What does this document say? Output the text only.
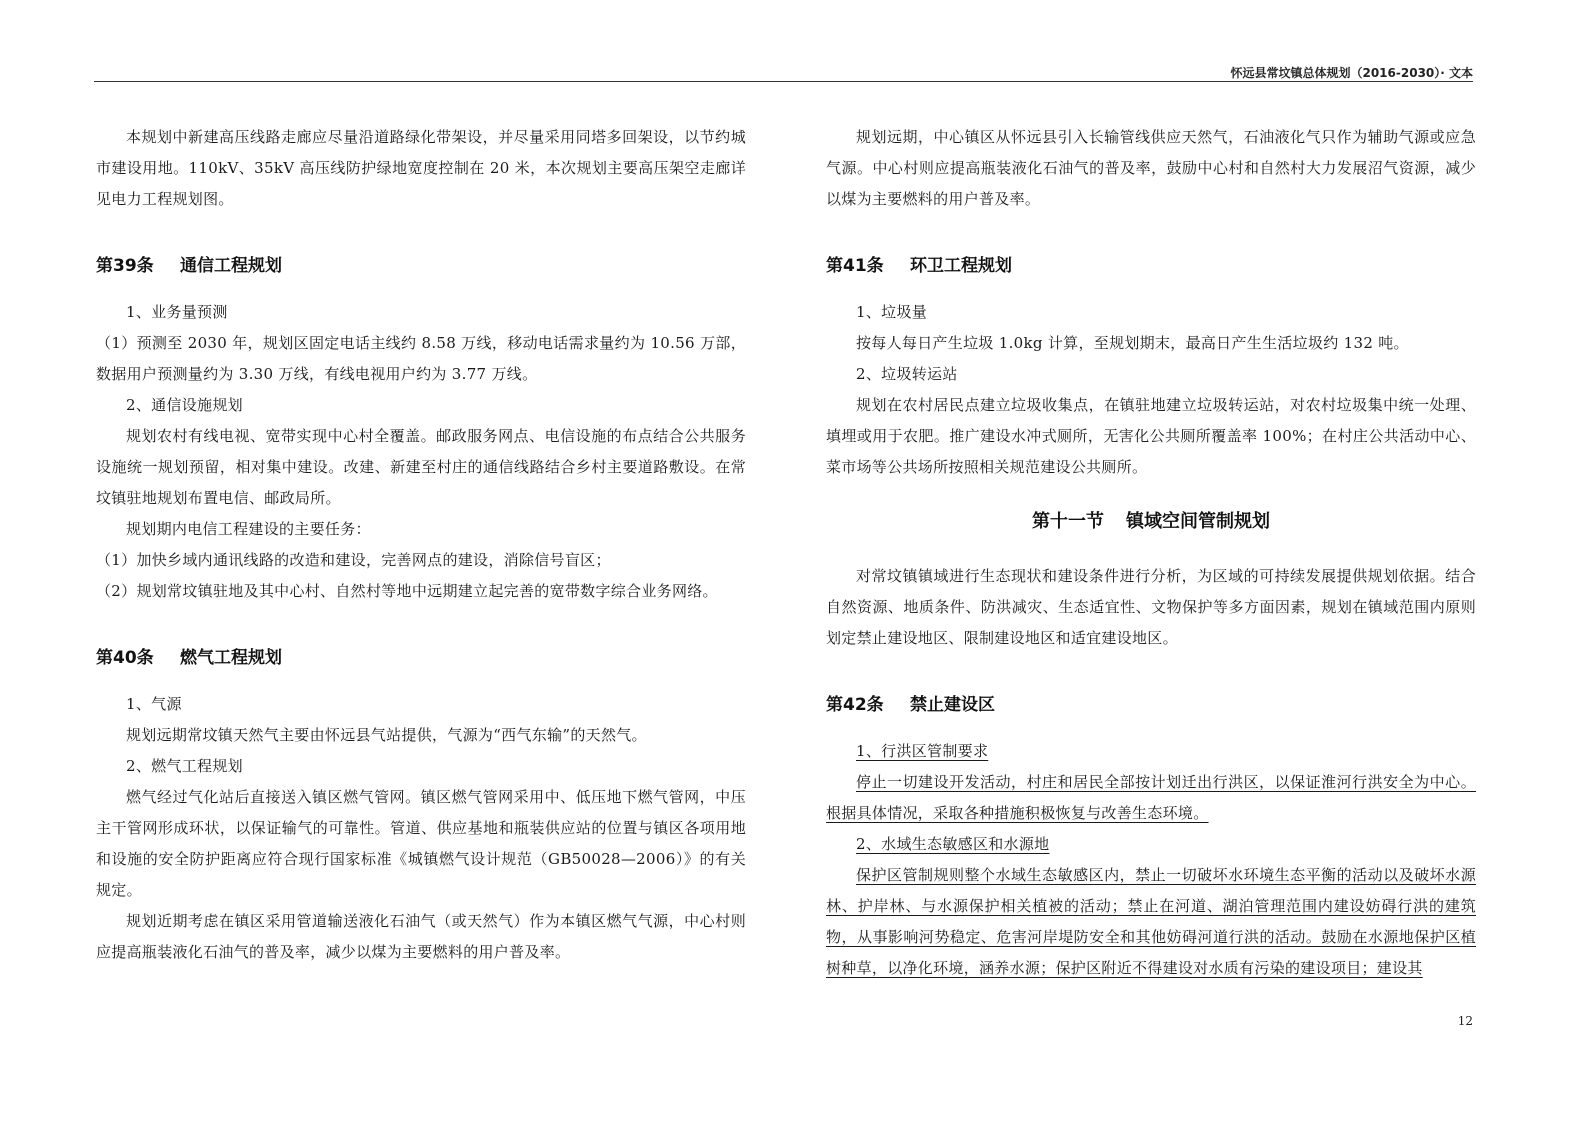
怀远县常坟镇总体规划（2016-2030）· 文本

本规划中新建高压线路走廊应尽量沿道路绿化带架设，并尽量采用同塔多回架设，以节约城市建设用地。110kV、35kV 高压线防护绿地宽度控制在 20 米，本次规划主要高压架空走廊详见电力工程规划图。

第39条 通信工程规划

1、业务量预测

（1）预测至 2030 年，规划区固定电话主线约 8.58 万线，移动电话需求量约为 10.56 万部，数据用户预测量约为 3.30 万线，有线电视用户约为 3.77 万线。

2、通信设施规划

规划农村有线电视、宽带实现中心村全覆盖。邮政服务网点、电信设施的布点结合公共服务设施统一规划预留，相对集中建设。改建、新建至村庄的通信线路结合乡村主要道路敷设。在常坟镇驻地规划布置电信、邮政局所。

规划期内电信工程建设的主要任务：

（1）加快乡域内通讯线路的改造和建设，完善网点的建设，消除信号盲区；

（2）规划常坟镇驻地及其中心村、自然村等地中远期建立起完善的宽带数字综合业务网络。

第40条 燃气工程规划

1、气源

规划远期常坟镇天然气主要由怀远县气站提供，气源为“西气东输”的天然气。

2、燃气工程规划

燃气经过气化站后直接送入镇区燃气管网。镇区燃气管网采用中、低压地下燃气管网，中压主干管网形成环状，以保证输气的可靠性。管道、供应基地和瓶装供应站的位置与镇区各项用地和设施的安全防护距离应符合现行国家标准《城镇燃气设计规范（GB50028—2006）》的有关规定。

规划近期考虑在镇区采用管道输送液化石油气（或天然气）作为本镇区燃气气源，中心村则应提高瓶装液化石油气的普及率，减少以煤为主要燃料的用户普及率。

规划远期，中心镇区从怀远县引入长输管线供应天然气，石油液化气只作为辅助气源或应急气源。中心村则应提高瓶装液化石油气的普及率，鼓励中心村和自然村大力发展沼气资源，减少以煤为主要燃料的用户普及率。

第41条 环卫工程规划

1、垃圾量

按每人每日产生垃圾 1.0kg 计算，至规划期末，最高日产生生活垃圾约 132 吨。

2、垃圾转运站

规划在农村居民点建立垃圾收集点，在镇驻地建立垃圾转运站，对农村垃圾集中统一处理、填埋或用于农肥。推广建设水冲式厕所，无害化公共厕所覆盖率 100%；在村庄公共活动中心、菜市场等公共场所按照相关规范建设公共厕所。

第十一节 镇域空间管制规划

对常坟镇镇域进行生态现状和建设条件进行分析，为区域的可持续发展提供规划依据。结合自然资源、地质条件、防洪减灾、生态适宜性、文物保护等多方面因素，规划在镇域范围内原则划定禁止建设地区、限制建设地区和适宜建设地区。

第42条 禁止建设区

1、行洪区管制要求

停止一切建设开发活动，村庄和居民全部按计划迁出行洪区，以保证淮河行洪安全为中心。根据具体情况，采取各种措施积极恢复与改善生态环境。

2、水域生态敏感区和水源地

保护区管制规则整个水域生态敏感区内，禁止一切破坏水环境生态平衡的活动以及破坏水源林、护岸林、与水源保护相关植被的活动；禁止在河道、湖泊管理范围内建设妨碍行洪的建筑物，从事影响河势稳定、危害河岸堤防安全和其他妨碍河道行洪的活动。鼓励在水源地保护区植树种草，以净化环境，涵养水源；保护区附近不得建设对水质有污染的建设项目；建设其

12
